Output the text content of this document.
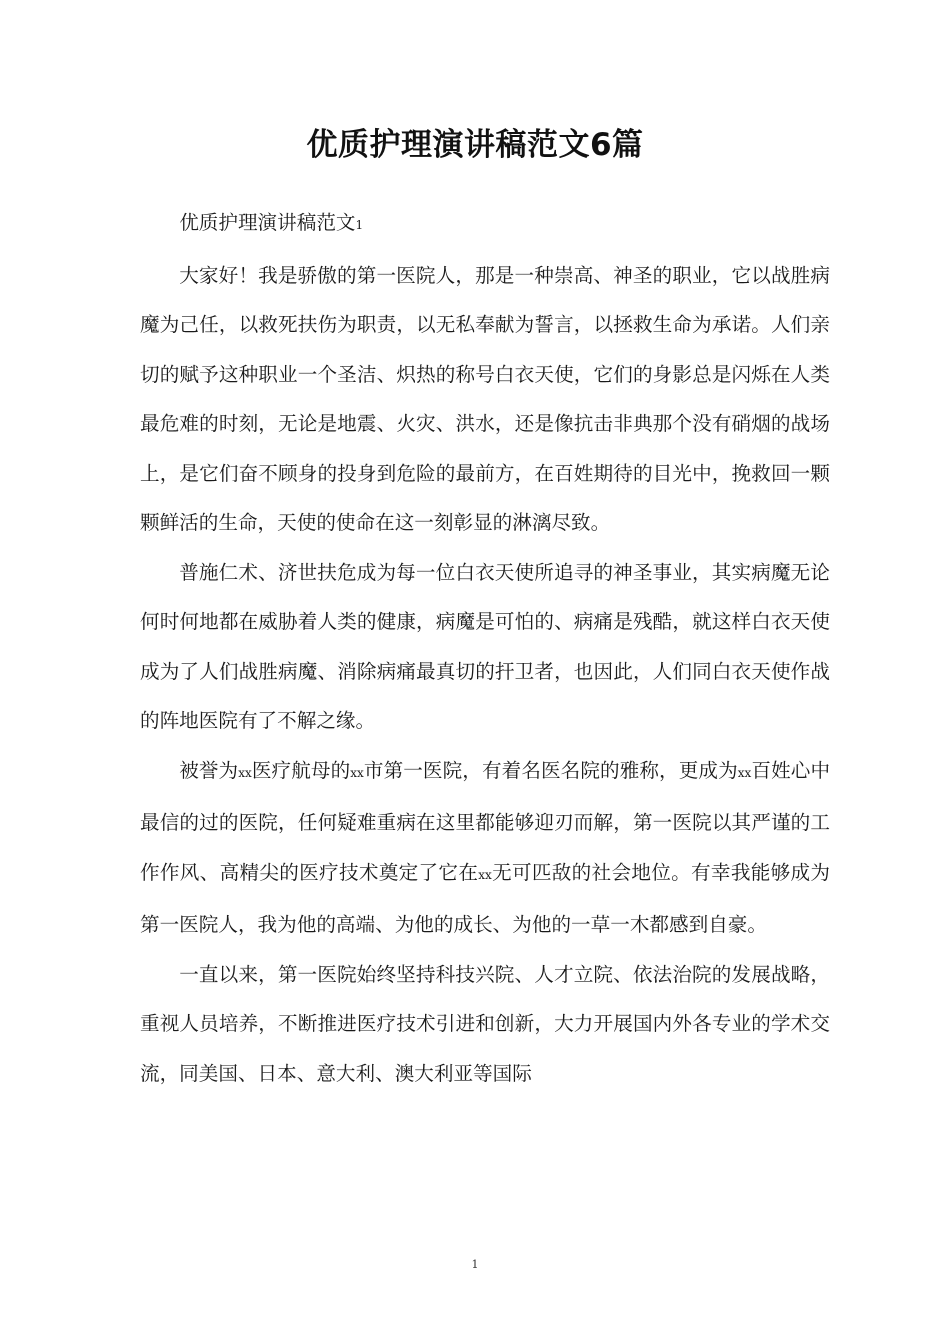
优质护理演讲稿范文6篇

优质护理演讲稿范文1

大家好！我是骄傲的第一医院人，那是一种崇高、神圣的职业，它以战胜病魔为己任，以救死扶伤为职责，以无私奉献为誓言，以拯救生命为承诺。人们亲切的赋予这种职业一个圣洁、炽热的称号白衣天使，它们的身影总是闪烁在人类最危难的时刻，无论是地震、火灾、洪水，还是像抗击非典那个没有硝烟的战场上，是它们奋不顾身的投身到危险的最前方，在百姓期待的目光中，挽救回一颗颗鲜活的生命，天使的使命在这一刻彰显的淋漓尽致。

普施仁术、济世扶危成为每一位白衣天使所追寻的神圣事业，其实病魔无论何时何地都在威胁着人类的健康，病魔是可怕的、病痛是残酷，就这样白衣天使成为了人们战胜病魔、消除病痛最真切的扞卫者，也因此，人们同白衣天使作战的阵地医院有了不解之缘。

被誉为xx医疗航母的xx市第一医院，有着名医名院的雅称，更成为xx百姓心中最信的过的医院，任何疑难重病在这里都能够迎刃而解，第一医院以其严谨的工作作风、高精尖的医疗技术奠定了它在xx无可匹敌的社会地位。有幸我能够成为第一医院人，我为他的高端、为他的成长、为他的一草一木都感到自豪。

一直以来，第一医院始终坚持科技兴院、人才立院、依法治院的发展战略，重视人员培养，不断推进医疗技术引进和创新，大力开展国内外各专业的学术交流，同美国、日本、意大利、澳大利亚等国际

1
